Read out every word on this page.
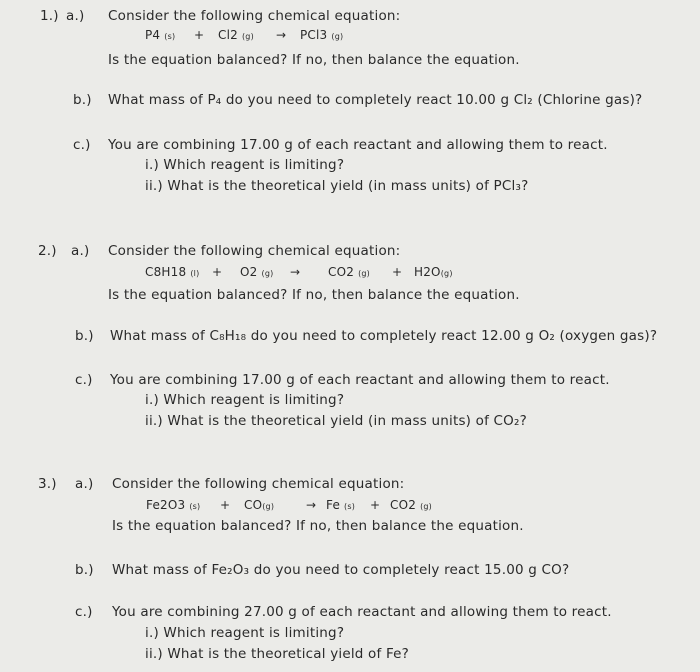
1.) a.) Consider the following chemical equation:
P4 (s) + Cl2 (g) → PCl3 (g)
Is the equation balanced? If no, then balance the equation.
b.) What mass of P₄ do you need to completely react 10.00 g Cl₂ (Chlorine gas)?
c.) You are combining 17.00 g of each reactant and allowing them to react.
i.) Which reagent is limiting?
ii.) What is the theoretical yield (in mass units) of PCl₃?
2.) a.) Consider the following chemical equation:
C8H18 (l) + O2 (g) → CO2 (g) + H2O(g)
Is the equation balanced? If no, then balance the equation.
b.) What mass of C₈H₁₈ do you need to completely react 12.00 g O₂ (oxygen gas)?
c.) You are combining 17.00 g of each reactant and allowing them to react.
i.) Which reagent is limiting?
ii.) What is the theoretical yield (in mass units) of CO₂?
3.) a.) Consider the following chemical equation:
Fe2O3 (s) + CO(g)	→ Fe (s) + CO2 (g)
Is the equation balanced? If no, then balance the equation.
b.) What mass of Fe₂O₃ do you need to completely react 15.00 g CO?
c.) You are combining 27.00 g of each reactant and allowing them to react.
i.) Which reagent is limiting?
ii.) What is the theoretical yield of Fe?
